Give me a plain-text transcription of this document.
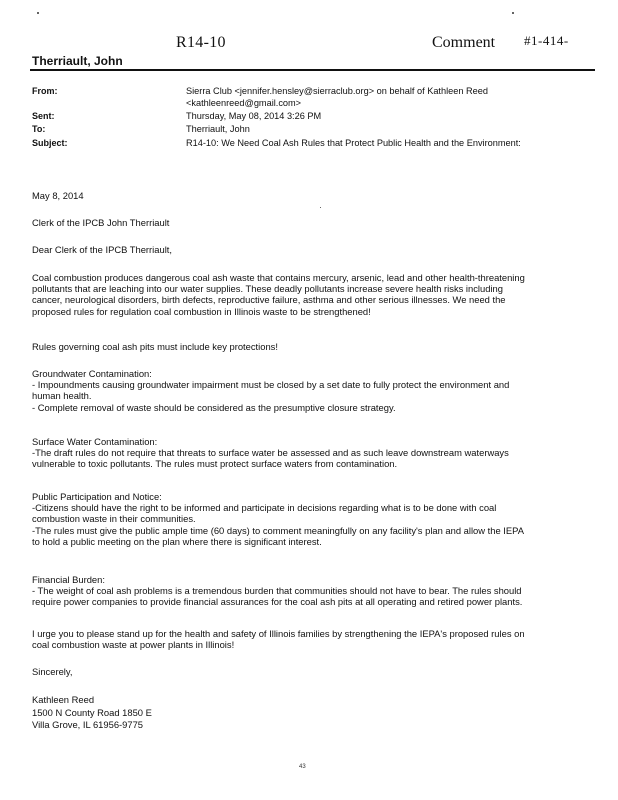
R14-10	Comment #1-414-
Therriault, John
From:	Sierra Club <jennifer.hensley@sierraclub.org> on behalf of Kathleen Reed
<kathleenreed@gmail.com>
Sent:	Thursday, May 08, 2014 3:26 PM
To:	Therriault, John
Subject:	R14-10: We Need Coal Ash Rules that Protect Public Health and the Environment:
May 8, 2014
Clerk of the IPCB John Therriault
Dear Clerk of the IPCB Therriault,
Coal combustion produces dangerous coal ash waste that contains mercury, arsenic, lead and other health-threatening
pollutants that are leaching into our water supplies. These deadly pollutants increase severe health risks including
cancer, neurological disorders, birth defects, reproductive failure, asthma and other serious illnesses. We need the
proposed rules for regulation coal combustion in Illinois waste to be strengthened!
Rules governing coal ash pits must include key protections!
Groundwater Contamination:
- Impoundments causing groundwater impairment must be closed by a set date to fully protect the environment and
human health.
- Complete removal of waste should be considered as the presumptive closure strategy.
Surface Water Contamination:
-The draft rules do not require that threats to surface water be assessed and as such leave downstream waterways
vulnerable to toxic pollutants. The rules must protect surface waters from contamination.
Public Participation and Notice:
-Citizens should have the right to be informed and participate in decisions regarding what is to be done with coal
combustion waste in their communities.
-The rules must give the public ample time (60 days) to comment meaningfully on any facility's plan and allow the IEPA
to hold a public meeting on the plan where there is significant interest.
Financial Burden:
- The weight of coal ash problems is a tremendous burden that communities should not have to bear. The rules should
require power companies to provide financial assurances for the coal ash pits at all operating and retired power plants.
I urge you to please stand up for the health and safety of Illinois families by strengthening the IEPA's proposed rules on
coal combustion waste at power plants in Illinois!
Sincerely,
Kathleen Reed
1500 N County Road 1850 E
Villa Grove, IL 61956-9775
43
